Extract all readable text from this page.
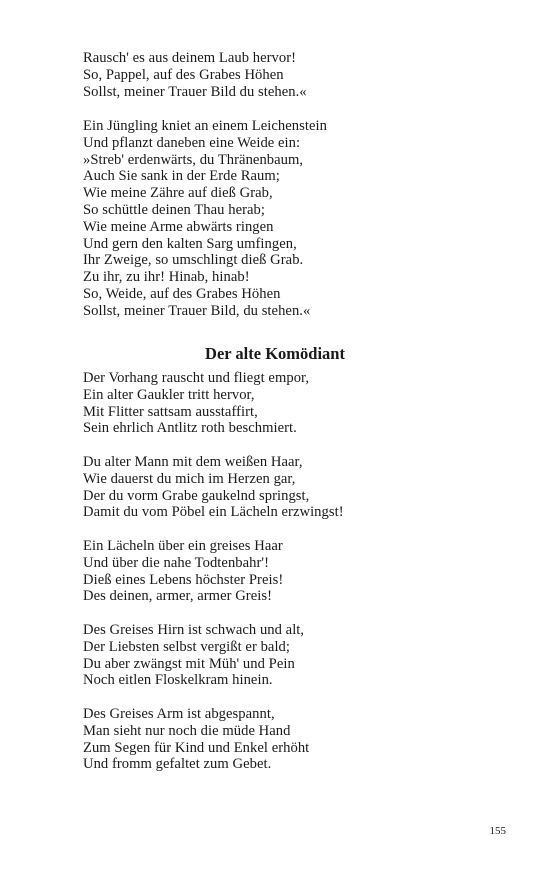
Rausch' es aus deinem Laub hervor!
So, Pappel, auf des Grabes Höhen
Sollst, meiner Trauer Bild du stehen.«
Ein Jüngling kniet an einem Leichenstein
Und pflanzt daneben eine Weide ein:
»Streb' erdenwärts, du Thränenbaum,
Auch Sie sank in der Erde Raum;
Wie meine Zähre auf dieß Grab,
So schüttle deinen Thau herab;
Wie meine Arme abwärts ringen
Und gern den kalten Sarg umfingen,
Ihr Zweige, so umschlingt dieß Grab.
Zu ihr, zu ihr! Hinab, hinab!
So, Weide, auf des Grabes Höhen
Sollst, meiner Trauer Bild, du stehen.«
Der alte Komödiant
Der Vorhang rauscht und fliegt empor,
Ein alter Gaukler tritt hervor,
Mit Flitter sattsam ausstaffirt,
Sein ehrlich Antlitz roth beschmiert.
Du alter Mann mit dem weißen Haar,
Wie dauerst du mich im Herzen gar,
Der du vorm Grabe gaukelnd springst,
Damit du vom Pöbel ein Lächeln erzwingst!
Ein Lächeln über ein greises Haar
Und über die nahe Todtenbahr'!
Dieß eines Lebens höchster Preis!
Des deinen, armer, armer Greis!
Des Greises Hirn ist schwach und alt,
Der Liebsten selbst vergißt er bald;
Du aber zwängst mit Müh' und Pein
Noch eitlen Floskelkram hinein.
Des Greises Arm ist abgespannt,
Man sieht nur noch die müde Hand
Zum Segen für Kind und Enkel erhöht
Und fromm gefaltet zum Gebet.
155
